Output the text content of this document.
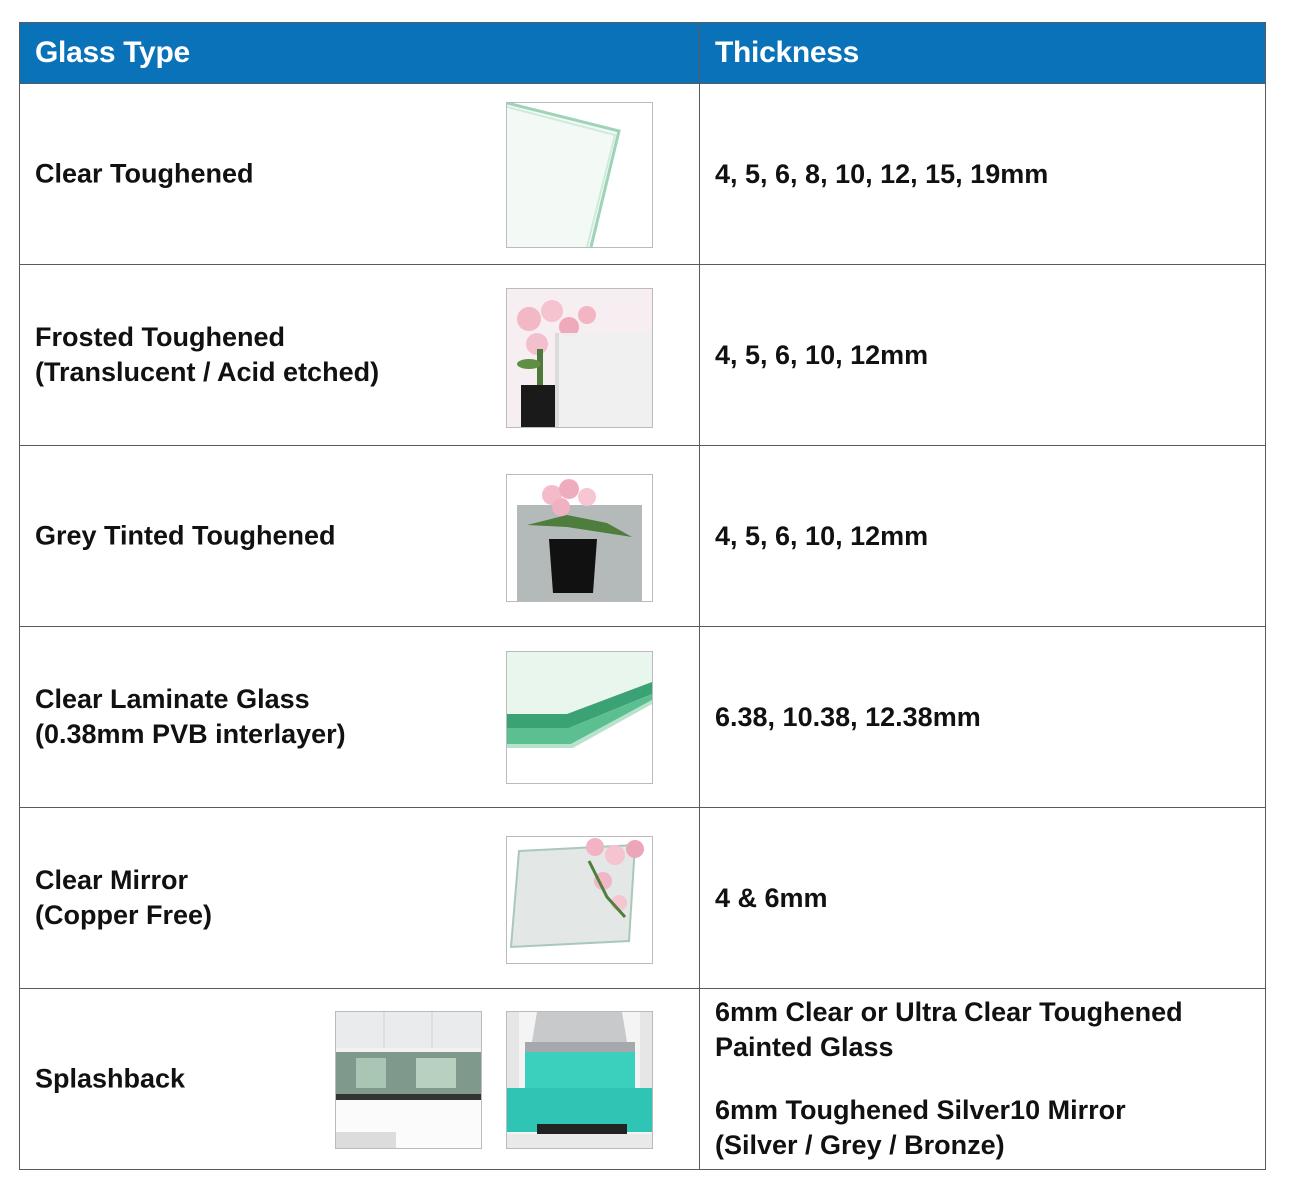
Glass Type	Thickness

Clear Toughened	4, 5, 6, 8, 10, 12, 15, 19mm

Frosted Toughened
(Translucent / Acid etched)	4, 5, 6, 10, 12mm

Grey Tinted Toughened	4, 5, 6, 10, 12mm

Clear Laminate Glass
(0.38mm PVB interlayer)	6.38, 10.38, 12.38mm

Clear Mirror
(Copper Free)	4 & 6mm

Splashback	6mm Clear or Ultra Clear Toughened
Painted Glass
6mm Toughened Silver10 Mirror
(Silver / Grey / Bronze)
